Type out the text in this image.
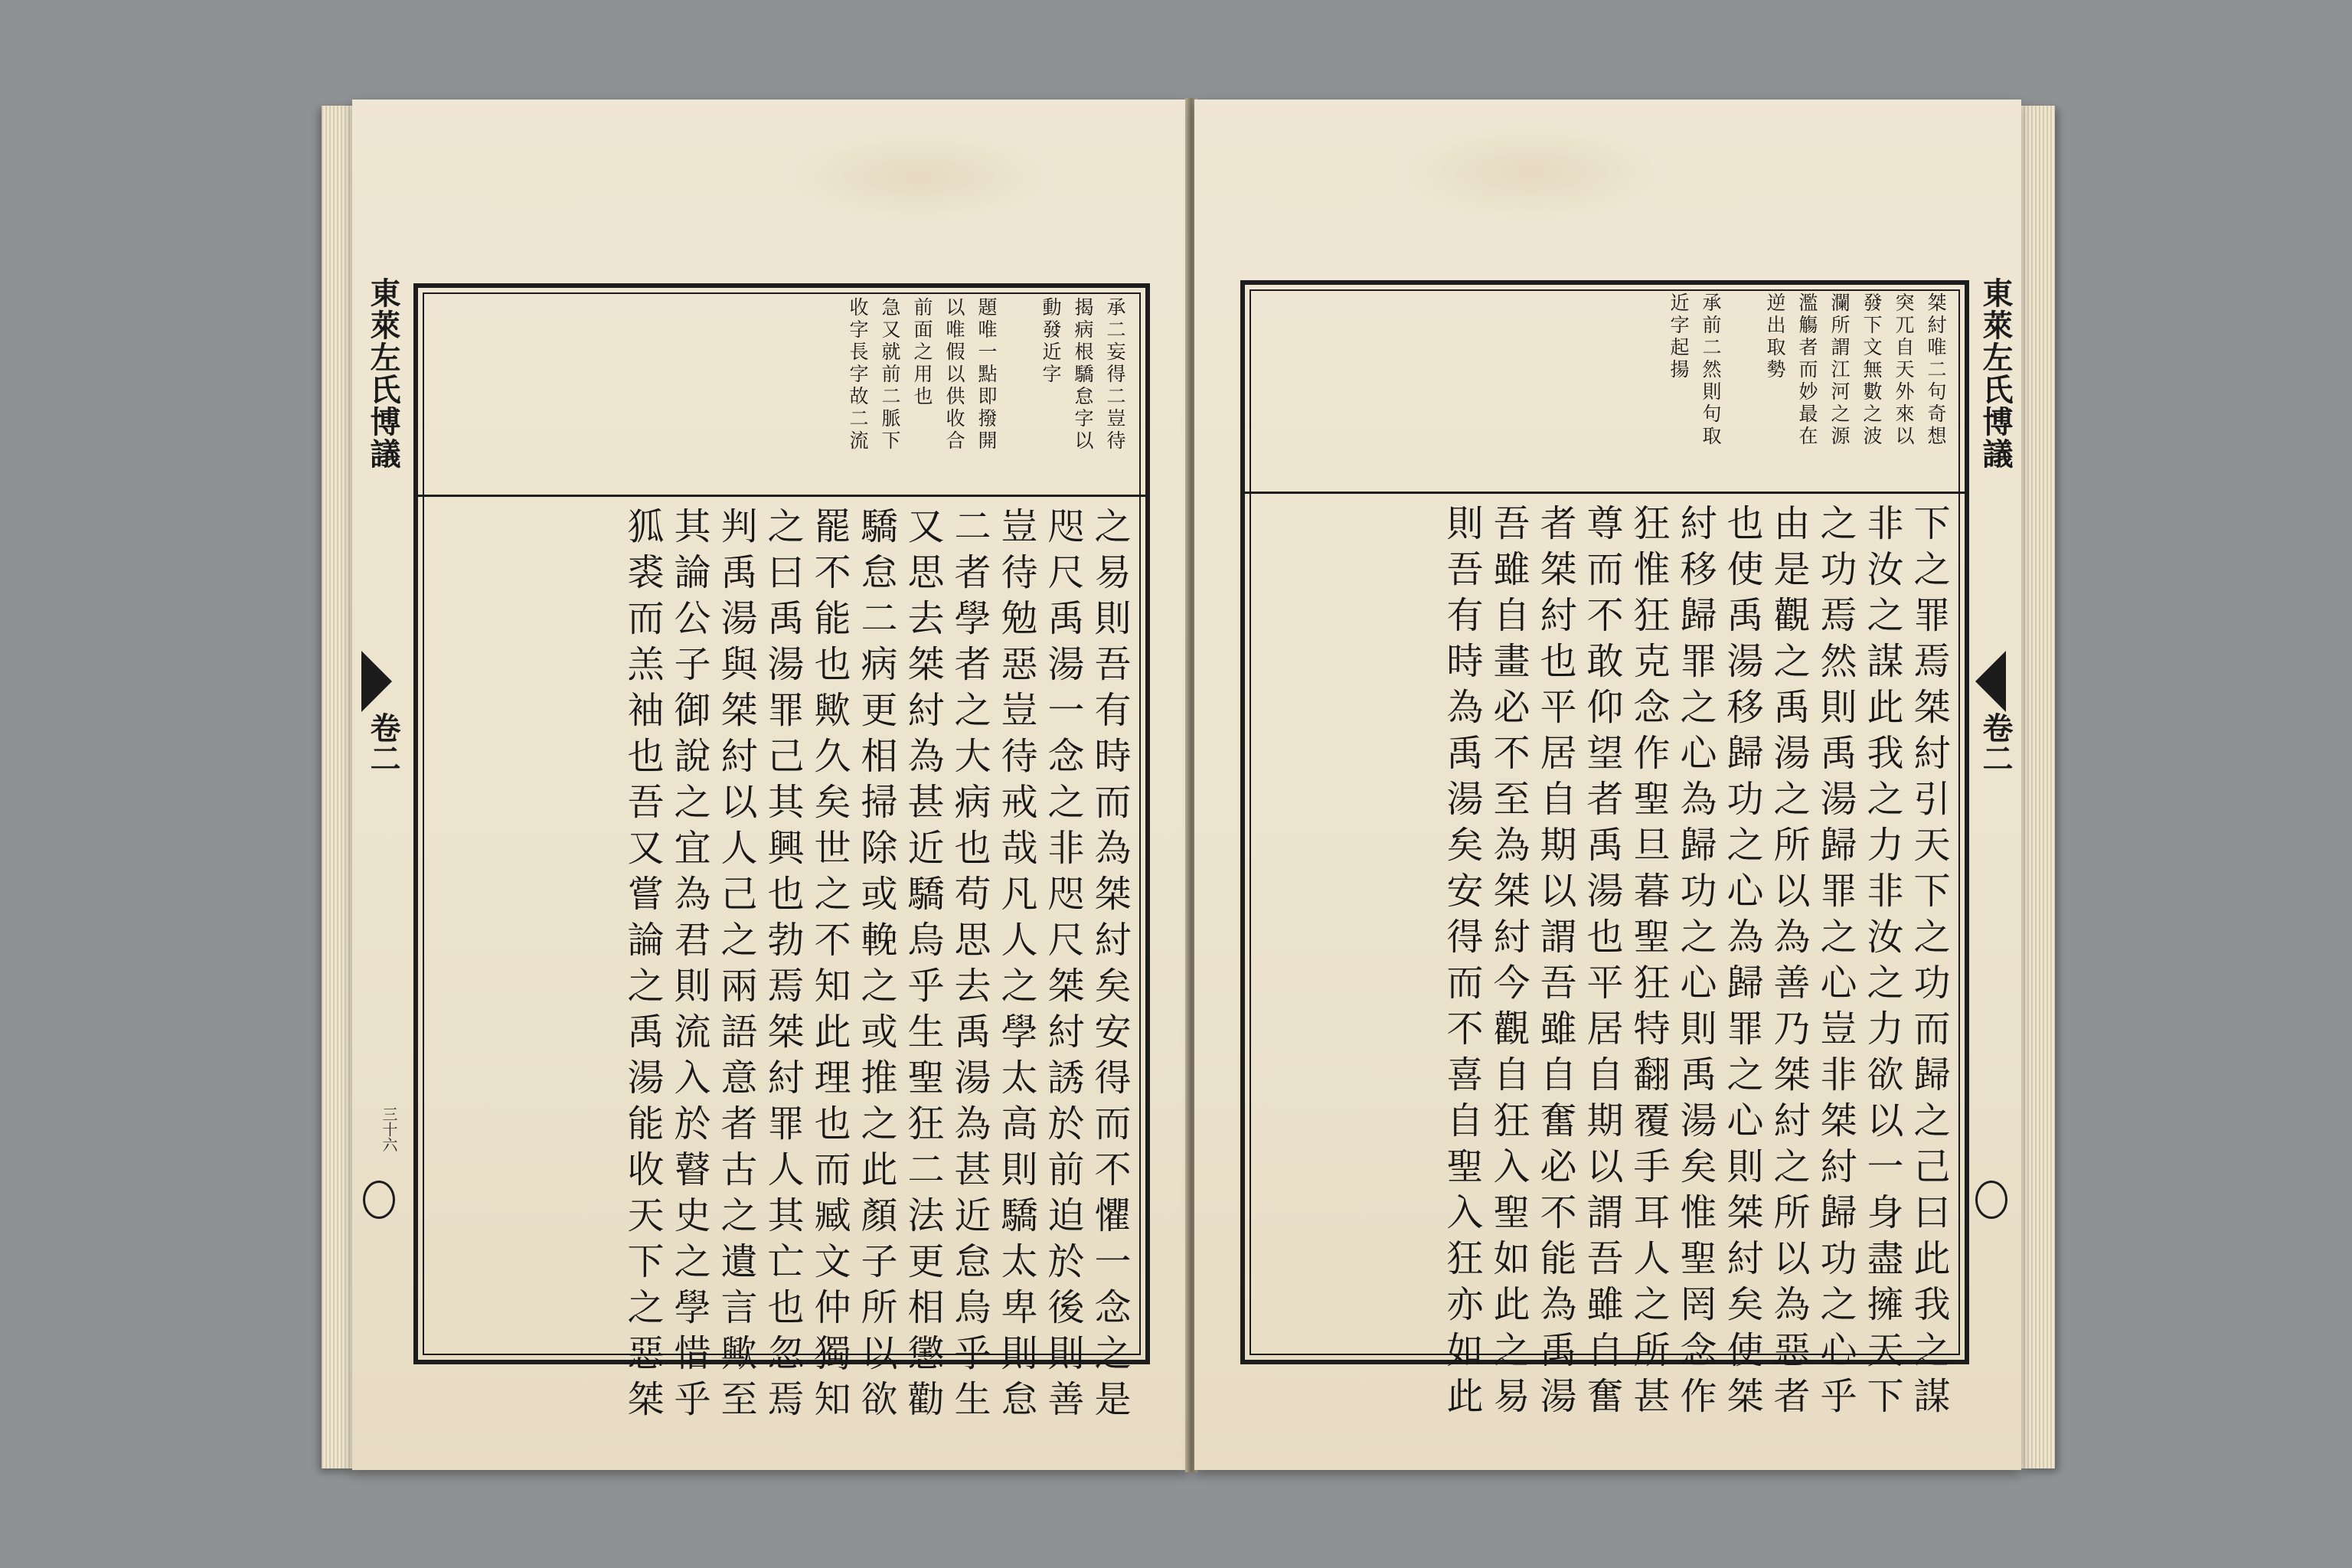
東萊左氏博議
卷二
三十六
承二妄得二豈待
揭病根驕怠字以
動發近字
題唯一點即撥開
以唯假以供收合
前面之用也
急又就前二脈下
收字長字故二流
之易則吾有時而為桀紂矣安得而不懼一念之是
咫尺禹湯一念之非咫尺桀紂誘於前迫於後則善
豈待勉惡豈待戒哉凡人之學太高則驕太卑則怠
二者學者之大病也苟思去禹湯為甚近怠烏乎生
又思去桀紂為甚近驕烏乎生聖狂二法更相懲勸
驕怠二病更相掃除或輓之或推之此顏子所以欲
罷不能也歟久矣世之不知此理也而臧文仲獨知
之曰禹湯罪己其興也勃焉桀紂罪人其亡也忽焉
判禹湯與桀紂以人己之兩語意者古之遺言歟至
其論公子御說之宜為君則流入於瞽史之學惜乎
狐裘而羔袖也吾又嘗論之禹湯能收天下之惡桀
東萊左氏博議
卷二
桀紂唯二句奇想
突兀自天外來以
發下文無數之波
瀾所謂江河之源
濫觴者而妙最在
逆出取勢
承前二然則句取
近字起揚
下之罪焉桀紂引天下之功而歸之己曰此我之謀
非汝之謀此我之力非汝之力欲以一身盡擁天下
之功焉然則禹湯歸罪之心豈非桀紂歸功之心乎
由是觀之禹湯之所以為善乃桀紂之所以為惡者
也使禹湯移歸功之心為歸罪之心則桀紂矣使桀
紂移歸罪之心為歸功之心則禹湯矣惟聖罔念作
狂惟狂克念作聖旦暮聖狂特翻覆手耳人之所甚
尊而不敢仰望者禹湯也平居自期以謂吾雖自奮
者桀紂也平居自期以謂吾雖自奮必不能為禹湯
吾雖自畫必不至為桀紂今觀自狂入聖如此之易
則吾有時為禹湯矣安得而不喜自聖入狂亦如此
